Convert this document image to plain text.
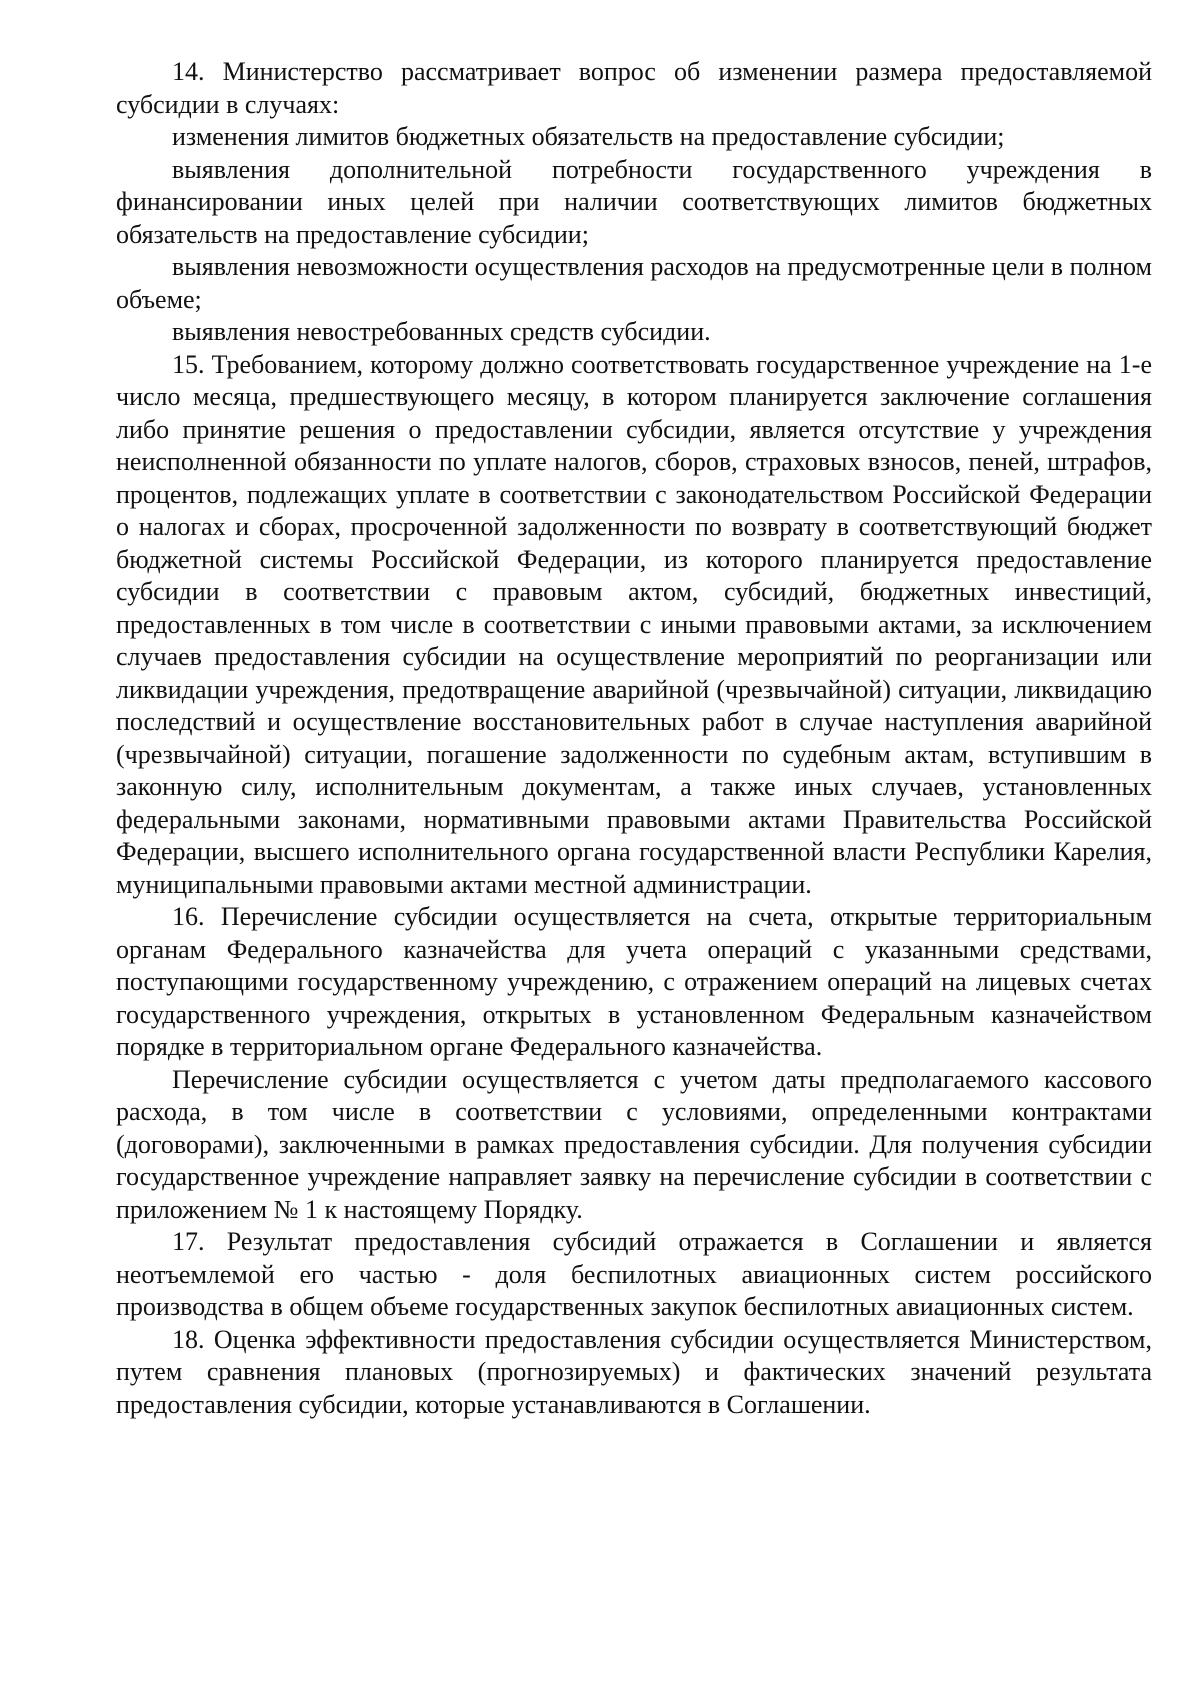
14. Министерство рассматривает вопрос об изменении размера предоставляемой субсидии в случаях:

изменения лимитов бюджетных обязательств на предоставление субсидии;

выявления дополнительной потребности государственного учреждения в финансировании иных целей при наличии соответствующих лимитов бюджетных обязательств на предоставление субсидии;

выявления невозможности осуществления расходов на предусмотренные цели в полном объеме;

выявления невостребованных средств субсидии.

15. Требованием, которому должно соответствовать государственное учреждение на 1-е число месяца, предшествующего месяцу, в котором планируется заключение соглашения либо принятие решения о предоставлении субсидии, является отсутствие у учреждения неисполненной обязанности по уплате налогов, сборов, страховых взносов, пеней, штрафов, процентов, подлежащих уплате в соответствии с законодательством Российской Федерации о налогах и сборах, просроченной задолженности по возврату в соответствующий бюджет бюджетной системы Российской Федерации, из которого планируется предоставление субсидии в соответствии с правовым актом, субсидий, бюджетных инвестиций, предоставленных в том числе в соответствии с иными правовыми актами, за исключением случаев предоставления субсидии на осуществление мероприятий по реорганизации или ликвидации учреждения, предотвращение аварийной (чрезвычайной) ситуации, ликвидацию последствий и осуществление восстановительных работ в случае наступления аварийной (чрезвычайной) ситуации, погашение задолженности по судебным актам, вступившим в законную силу, исполнительным документам, а также иных случаев, установленных федеральными законами, нормативными правовыми актами Правительства Российской Федерации, высшего исполнительного органа государственной власти Республики Карелия, муниципальными правовыми актами местной администрации.

16. Перечисление субсидии осуществляется на счета, открытые территориальным органам Федерального казначейства для учета операций с указанными средствами, поступающими государственному учреждению, с отражением операций на лицевых счетах государственного учреждения, открытых в установленном Федеральным казначейством порядке в территориальном органе Федерального казначейства.

Перечисление субсидии осуществляется с учетом даты предполагаемого кассового расхода, в том числе в соответствии с условиями, определенными контрактами (договорами), заключенными в рамках предоставления субсидии. Для получения субсидии государственное учреждение направляет заявку на перечисление субсидии в соответствии с приложением № 1 к настоящему Порядку.

17. Результат предоставления субсидий отражается в Соглашении и является неотъемлемой его частью - доля беспилотных авиационных систем российского производства в общем объеме государственных закупок беспилотных авиационных систем.

18. Оценка эффективности предоставления субсидии осуществляется Министерством, путем сравнения плановых (прогнозируемых) и фактических значений результата предоставления субсидии, которые устанавливаются в Соглашении.
